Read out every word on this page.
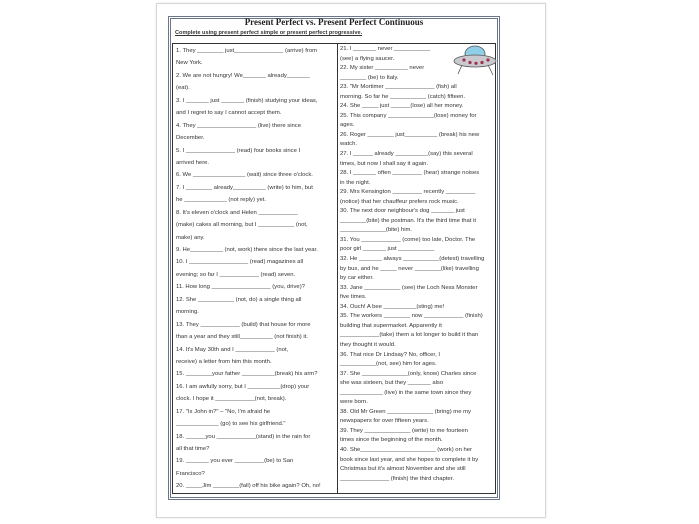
Present Perfect vs. Present Perfect Continuous
Complete using present perfect simple or present perfect progressive.
1. They ________ just_______________ (arrive) from
New York.
2. We are not hungry! We_______ already_______
(eat).
3. I _______ just _______ (finish) studying your ideas,
and I regret to say I cannot accept them.
4. They __________________ (live) there since
December.
5. I _______________ (read) four books since I
arrived here.
6. We ________________ (wait) since three o'clock.
7. I ________ already__________ (write) to him, but
he _____________ (not reply) yet.
8. It's eleven o'clock and Helen ____________
(make) cakes all morning, but I ___________ (not,
make) any.
9. He__________ (not, work) there since the last year.
10. I __________________ (read) magazines all
evening; so far I ____________ (read) seven.
11. How long __________________ (you, drive)?
12. She ___________ (not, do) a single thing all
morning.
13. They ____________ (build) that house for more
than a year and they still__________ (not finish) it.
14. It's May 30th and I ____________ (not,
receive) a letter from him this month.
15. ________your father __________(break) his arm?
16. I am awfully sorry, but I __________(drop) your
clock. I hope it ____________(not, break).
17. "Is John in?" – "No, I'm afraid he
_____________ (go) to see his girlfriend."
18. ______you ____________(stand) in the rain for
all that time?
19. _______ you ever _________(be) to San
Francisco?
20. _____Jim ________(fall) off his bike again? Oh, no!
21. I _______ never ___________
(see) a flying saucer.
22. My sister __________ never
________ (be) to Italy.
23. "Mr Mortimer _______________ (fish) all
morning. So far he ___________ (catch) fifteen.
24. She _____ just ______(lose) all her money.
25. This company ______________(lose) money for
ages.
26. Roger ________ just__________ (break) his new
watch.
27. I ______ already __________(say) this several
times, but now I shall say it again.
28. I _______ often _________ (hear) strange noises
in the night.
29. Mrs Kensington _________ recently _________
(notice) that her chauffeur prefers rock music.
30. The next door neighbour's dog _______ just
________(bite) the postman. It's the third time that it
______________(bite) him.
31. You ____________ (come) too late, Doctor. The
poor girl _______ just ___________
32. He _______ always ___________(detest) travelling
by bus, and he _____ never ________(like) travelling
by car either.
33. Jane ___________ (see) the Loch Ness Monster
five times.
34. Ouch! A bee __________(sting) me!
35. The workers ________ now ____________ (finish)
building that supermarket. Apparently it
____________(take) them a lot longer to build it than
they thought it would.
36. That nice Dr Lindsay? No, officer, I
___________(not, see) him for ages.
37. She ______________(only, know) Charles since
she was sixteen, but they _______ also
_____________ (live) in the same town since they
were born.
38. Old Mr Green ______________ (bring) me my
newspapers for over fifteen years.
39. They ______________ (write) to me fourteen
times since the beginning of the month.
40. She_______________________ (work) on her
book since last year, and she hopes to complete it by
Christmas but it's almost November and she still
_______________ (finish) the third chapter.
